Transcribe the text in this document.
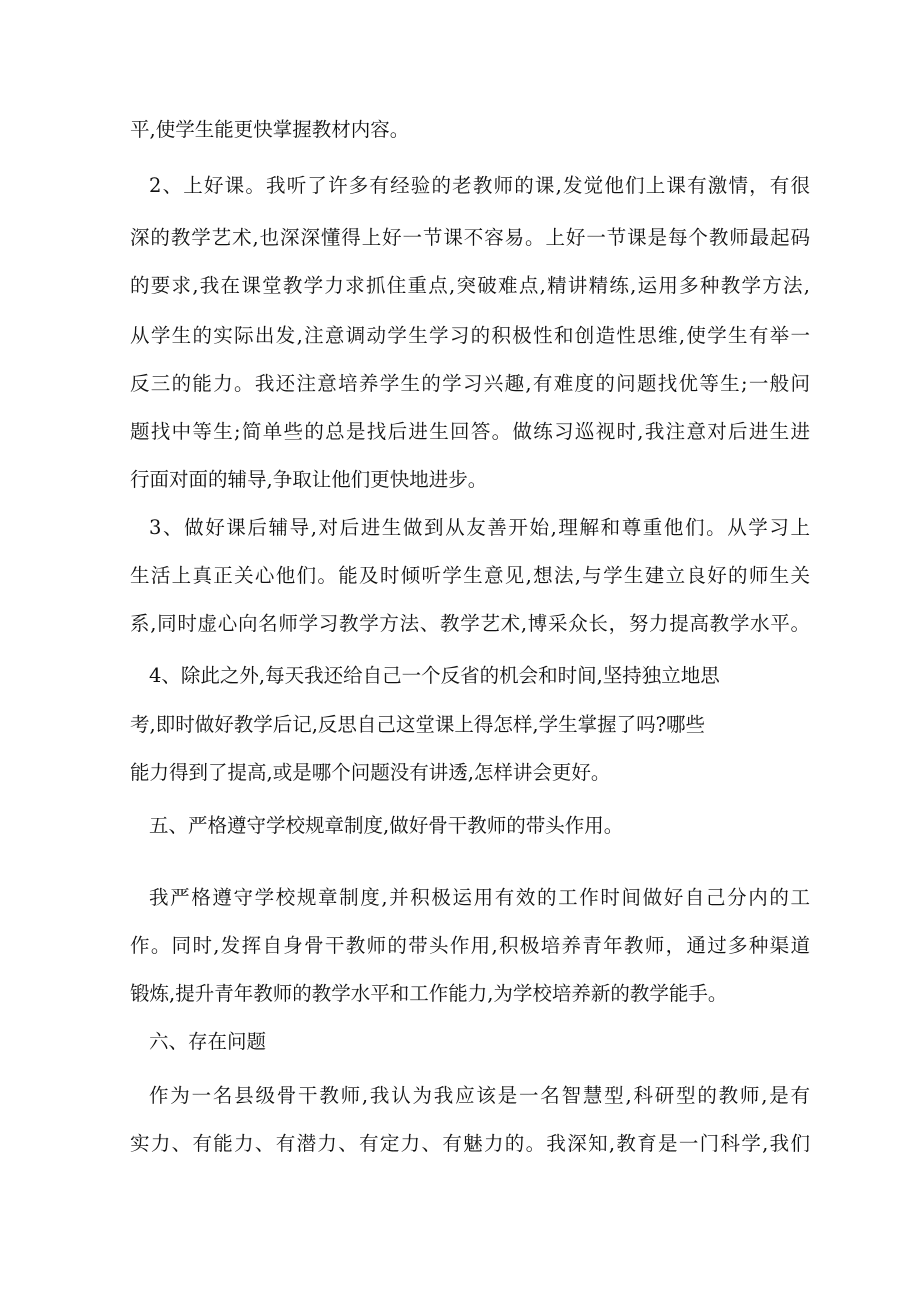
平,使学生能更快掌握教材内容。
2、上好课。我听了许多有经验的老教师的课,发觉他们上课有激情，有很
深的教学艺术,也深深懂得上好一节课不容易。上好一节课是每个教师最起码
的要求,我在课堂教学力求抓住重点,突破难点,精讲精练,运用多种教学方法,
从学生的实际出发,注意调动学生学习的积极性和创造性思维,使学生有举一
反三的能力。我还注意培养学生的学习兴趣,有难度的问题找优等生;一般问
题找中等生;简单些的总是找后进生回答。做练习巡视时,我注意对后进生进
行面对面的辅导,争取让他们更快地进步。
3、做好课后辅导,对后进生做到从友善开始,理解和尊重他们。从学习上
生活上真正关心他们。能及时倾听学生意见,想法,与学生建立良好的师生关
系,同时虚心向名师学习教学方法、教学艺术,博采众长，努力提高教学水平。
4、除此之外,每天我还给自己一个反省的机会和时间,坚持独立地思
考,即时做好教学后记,反思自己这堂课上得怎样,学生掌握了吗?哪些
能力得到了提高,或是哪个问题没有讲透,怎样讲会更好。
五、严格遵守学校规章制度,做好骨干教师的带头作用。
我严格遵守学校规章制度,并积极运用有效的工作时间做好自己分内的工
作。同时,发挥自身骨干教师的带头作用,积极培养青年教师，通过多种渠道
锻炼,提升青年教师的教学水平和工作能力,为学校培养新的教学能手。
六、存在问题
作为一名县级骨干教师,我认为我应该是一名智慧型,科研型的教师,是有
实力、有能力、有潜力、有定力、有魅力的。我深知,教育是一门科学,我们
